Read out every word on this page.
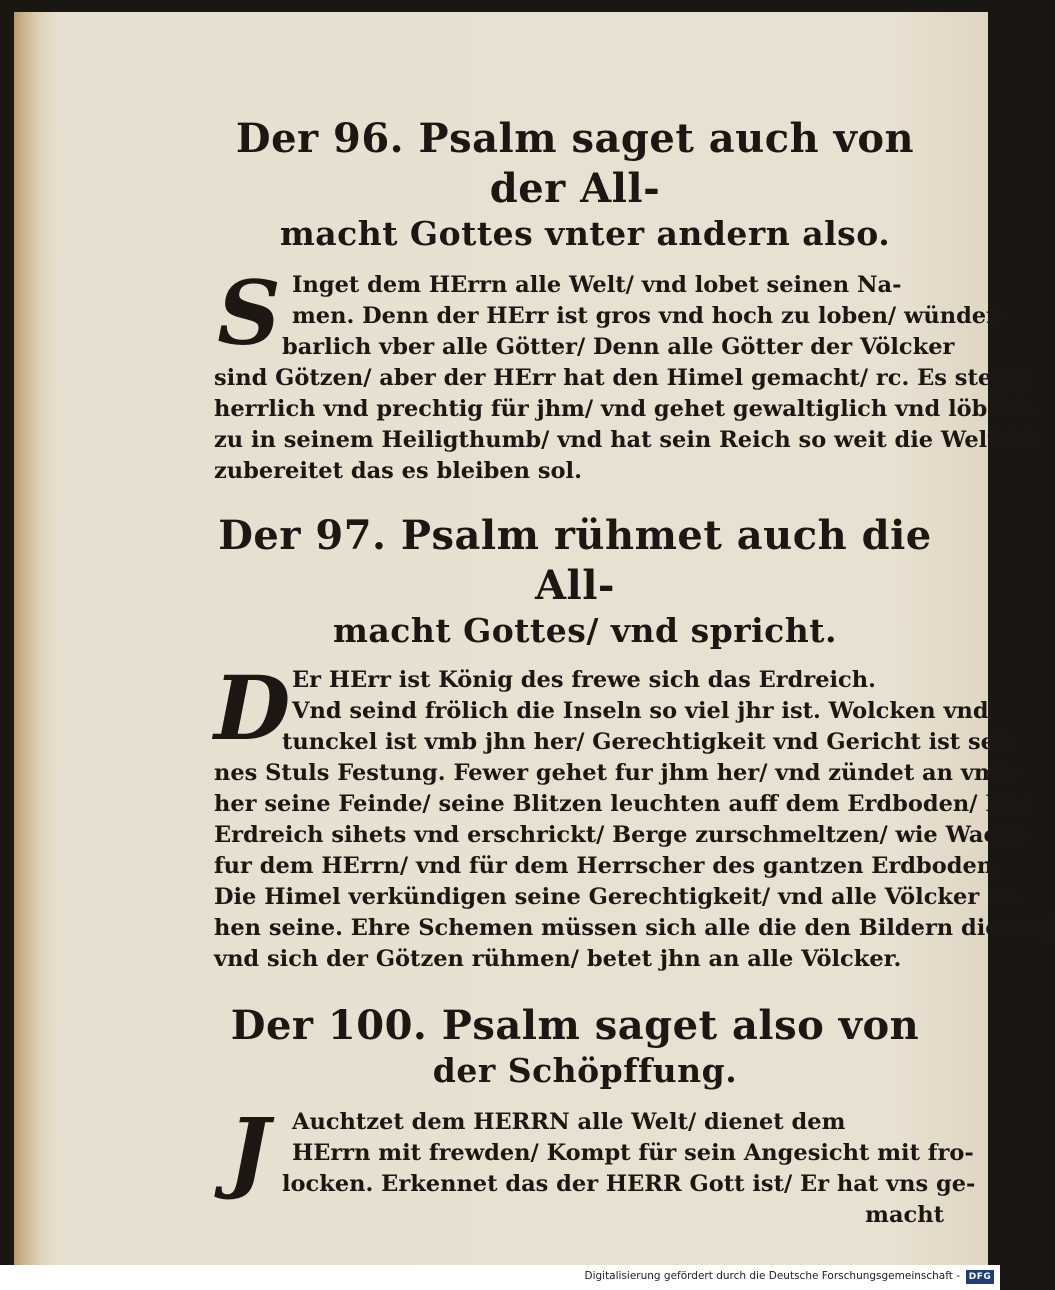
Der 96. Psalm saget auch von der All-
macht Gottes vnter andern also.
S Inget dem HErrn alle Welt/ vnd lobet seinen Na-
men. Denn der HErr ist gros vnd hoch zu loben/ wünder-
barlich vber alle Götter/ Denn alle Götter der Völcker
sind Götzen/ aber der HErr hat den Himel gemacht/ rc. Es stehet
herrlich vnd prechtig für jhm/ vnd gehet gewaltiglich vnd löblich
zu in seinem Heiligthumb/ vnd hat sein Reich so weit die Welt ist
zubereitet das es bleiben sol.
Der 97. Psalm rühmet auch die All-
macht Gottes/ vnd spricht.
D Er HErr ist König des frewe sich das Erdreich.
Vnd seind frölich die Inseln so viel jhr ist. Wolcken vnd
tunckel ist vmb jhn her/ Gerechtigkeit vnd Gericht ist sei-
nes Stuls Festung. Fewer gehet fur jhm her/ vnd zündet an vmb-
her seine Feinde/ seine Blitzen leuchten auff dem Erdboden/ Das
Erdreich sihets vnd erschrickt/ Berge zurschmeltzen/ wie Wachs
fur dem HErrn/ vnd für dem Herrscher des gantzen Erdboden.
Die Himel verkündigen seine Gerechtigkeit/ vnd alle Völcker se-
hen seine. Ehre Schemen müssen sich alle die den Bildern dienen/
vnd sich der Götzen rühmen/ betet jhn an alle Völcker.
Der 100. Psalm saget also von
der Schöpffung.
J Auchtzet dem HERRN alle Welt/ dienet dem
HErrn mit frewden/ Kompt für sein Angesicht mit fro-
locken. Erkennet das der HERR Gott ist/ Er hat vns ge-
macht
Digitalisierung gefördert durch die Deutsche Forschungsgemeinschaft - DFG
